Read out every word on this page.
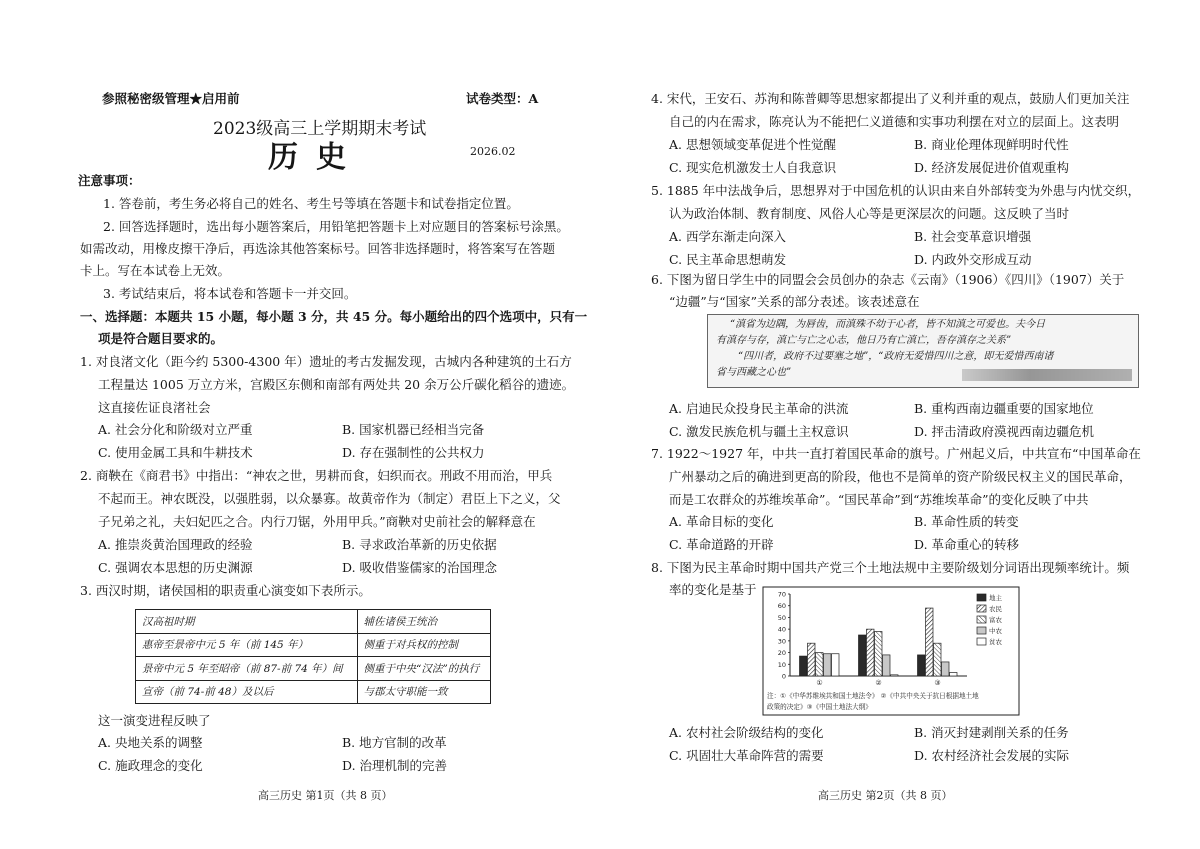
参照秘密级管理★启用前	试卷类型：A
2023级高三上学期期末考试
历史	2026.02
注意事项：
1. 答卷前，考生务必将自己的姓名、考生号等填在答题卡和试卷指定位置。
2. 回答选择题时，选出每小题答案后，用铅笔把答题卡上对应题目的答案标号涂黑。
如需改动，用橡皮擦干净后，再选涂其他答案标号。回答非选择题时，将答案写在答题
卡上。写在本试卷上无效。
3. 考试结束后，将本试卷和答题卡一并交回。
一、选择题：本题共 15 小题，每小题 3 分，共 45 分。每小题给出的四个选项中，只有一
项是符合题目要求的。
1. 对良渚文化（距今约 5300-4300 年）遗址的考古发掘发现，古城内各种建筑的土石方
工程量达 1005 万立方米，宫殿区东侧和南部有两处共 20 余万公斤碳化稻谷的遗迹。
这直接佐证良渚社会
A. 社会分化和阶级对立严重	B. 国家机器已经相当完备
C. 使用金属工具和牛耕技术	D. 存在强制性的公共权力
2. 商鞅在《商君书》中指出：“神农之世，男耕而食，妇织而衣。刑政不用而治，甲兵
不起而王。神农既没，以强胜弱，以众暴寡。故黄帝作为（制定）君臣上下之义，父
子兄弟之礼，夫妇妃匹之合。内行刀锯，外用甲兵。”商鞅对史前社会的解释意在
A. 推崇炎黄治国理政的经验	B. 寻求政治革新的历史依据
C. 强调农本思想的历史渊源	D. 吸收借鉴儒家的治国理念
3. 西汉时期，诸侯国相的职责重心演变如下表所示。
汉高祖时期	辅佐诸侯王统治
惠帝至景帝中元 5 年（前 145 年）	侧重于对兵权的控制
景帝中元 5 年至昭帝（前 87-前 74 年）间	侧重于中央“汉法”的执行
宣帝（前 74-前 48）及以后	与郡太守职能一致
这一演变进程反映了
A. 央地关系的调整	B. 地方官制的改革
C. 施政理念的变化	D. 治理机制的完善
高三历史 第1页（共 8 页）
4. 宋代，王安石、苏洵和陈普卿等思想家都提出了义利并重的观点，鼓励人们更加关注
自己的内在需求，陈亮认为不能把仁义道德和实事功利摆在对立的层面上。这表明
A. 思想领域变革促进个性觉醒	B. 商业伦理体现鲜明时代性
C. 现实危机激发士人自我意识	D. 经济发展促进价值观重构
5. 1885 年中法战争后，思想界对于中国危机的认识由来自外部转变为外患与内忧交织，
认为政治体制、教育制度、风俗人心等是更深层次的问题。这反映了当时
A. 西学东渐走向深入	B. 社会变革意识增强
C. 民主革命思想萌发	D. 内政外交形成互动
6. 下图为留日学生中的同盟会会员创办的杂志《云南》（1906）《四川》（1907）关于
“边疆”与“国家”关系的部分表述。该表述意在
“滇省为边隅，为唇齿，而滇殊不幼于心者，皆不知滇之可爱也。夫今日
有滇存与存，滇亡与亡之心志，他日乃有亡滇亡，吾存滇存之关系”
“四川者，政府不过要塞之地”，“政府无爱惜四川之意，即无爱惜西南诸
省与西藏之心也”
A. 启迪民众投身民主革命的洪流	B. 重构西南边疆重要的国家地位
C. 激发民族危机与疆土主权意识	D. 抨击清政府漠视西南边疆危机
7. 1922～1927 年，中共一直打着国民革命的旗号。广州起义后，中共宣布“中国革命在
广州暴动之后的确进到更高的阶段，他也不是简单的资产阶级民权主义的国民革命，
而是工农群众的苏维埃革命”。“国民革命”到“苏维埃革命”的变化反映了中共
A. 革命目标的变化	B. 革命性质的转变
C. 革命道路的开辟	D. 革命重心的转移
8. 下图为民主革命时期中国共产党三个土地法规中主要阶级划分词语出现频率统计。频
率的变化是基于
0
10
20
30
40
50
60
70
①	②	③
地主
农民
富农
中农
贫农
注：①《中华苏维埃共和国土地法令》 ②《中共中央关于抗日根据地土地
政策的决定》③《中国土地法大纲》
A. 农村社会阶级结构的变化	B. 消灭封建剥削关系的任务
C. 巩固壮大革命阵营的需要	D. 农村经济社会发展的实际
高三历史 第2页（共 8 页）
